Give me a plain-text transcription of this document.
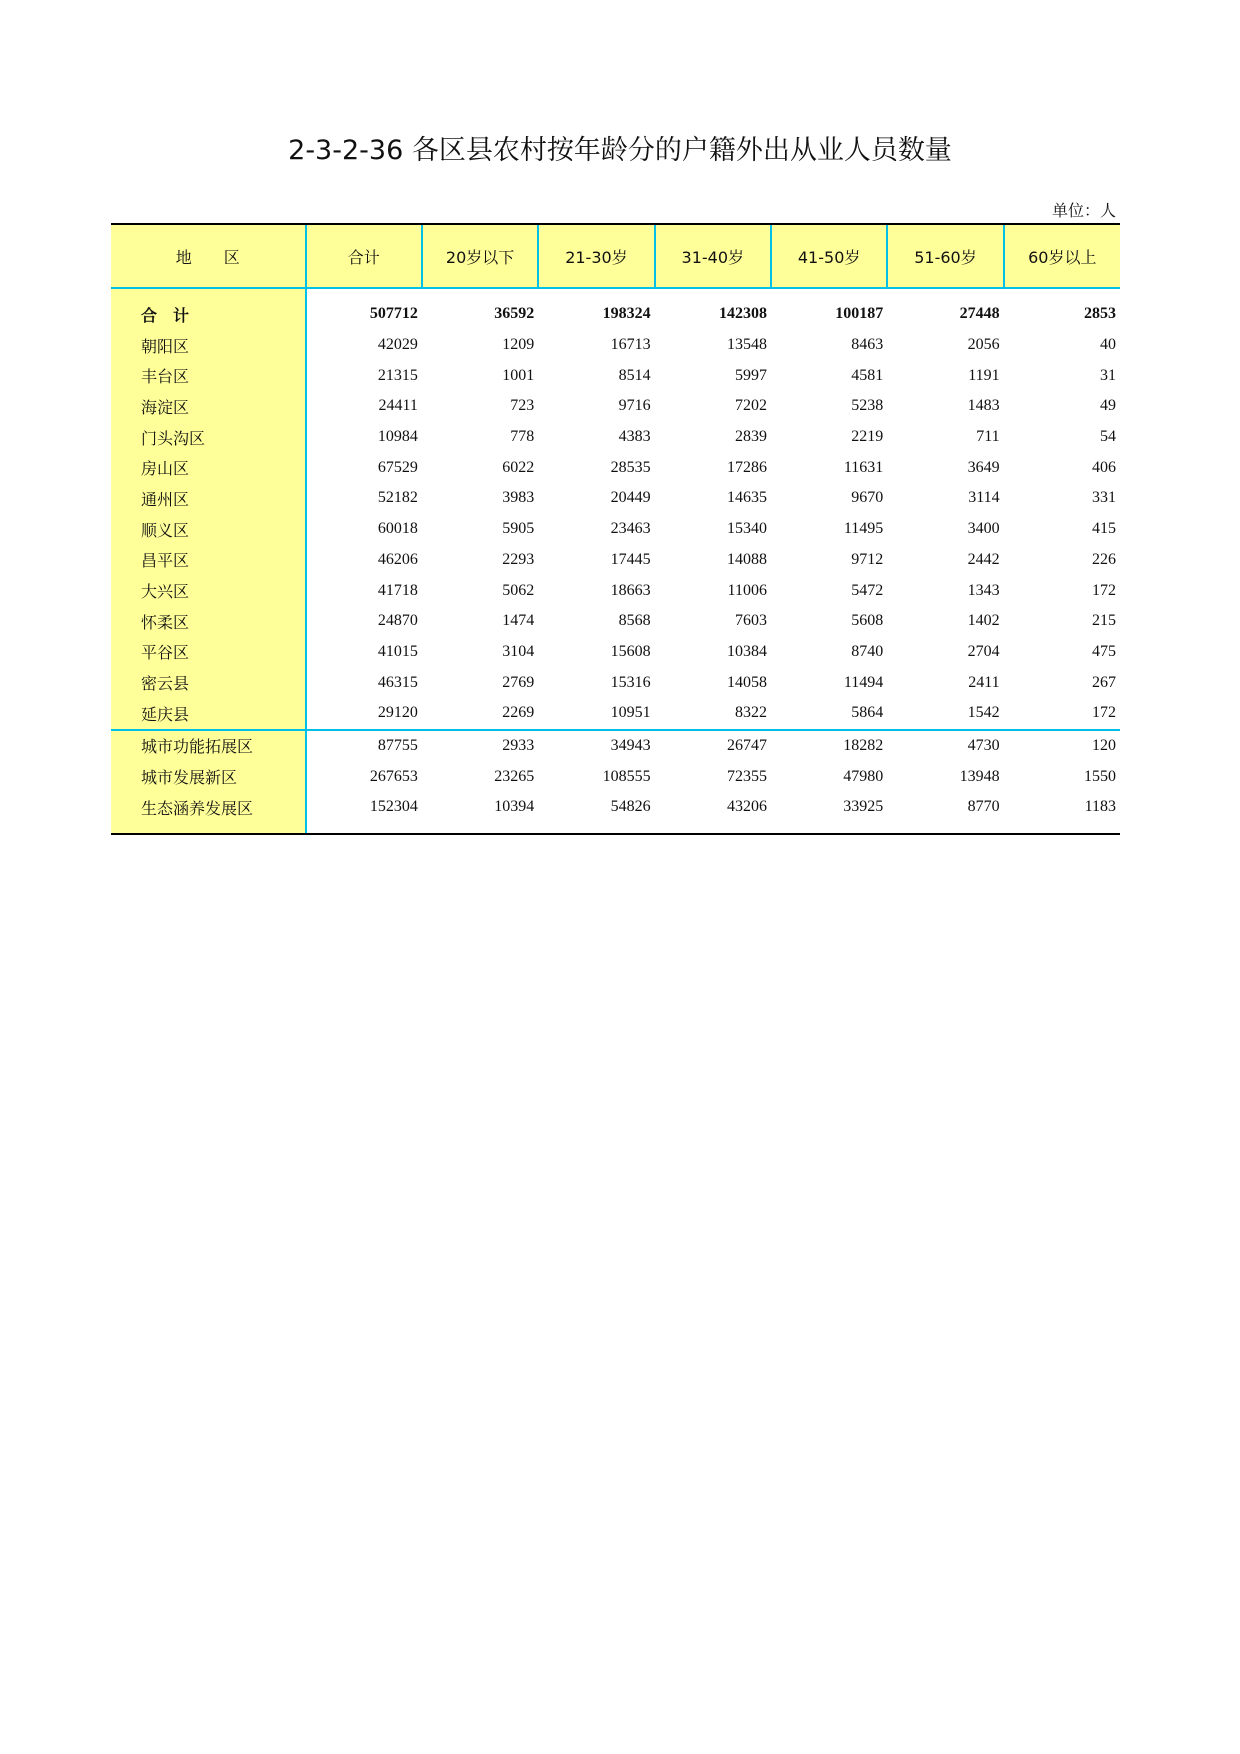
2-3-2-36 各区县农村按年龄分的户籍外出从业人员数量
单位：人
地　　区	合计	20岁以下	21-30岁	31-40岁	41-50岁	51-60岁	60岁以上
合　计	507712	36592	198324	142308	100187	27448	2853
朝阳区	42029	1209	16713	13548	8463	2056	40
丰台区	21315	1001	8514	5997	4581	1191	31
海淀区	24411	723	9716	7202	5238	1483	49
门头沟区	10984	778	4383	2839	2219	711	54
房山区	67529	6022	28535	17286	11631	3649	406
通州区	52182	3983	20449	14635	9670	3114	331
顺义区	60018	5905	23463	15340	11495	3400	415
昌平区	46206	2293	17445	14088	9712	2442	226
大兴区	41718	5062	18663	11006	5472	1343	172
怀柔区	24870	1474	8568	7603	5608	1402	215
平谷区	41015	3104	15608	10384	8740	2704	475
密云县	46315	2769	15316	14058	11494	2411	267
延庆县	29120	2269	10951	8322	5864	1542	172
城市功能拓展区	87755	2933	34943	26747	18282	4730	120
城市发展新区	267653	23265	108555	72355	47980	13948	1550
生态涵养发展区	152304	10394	54826	43206	33925	8770	1183
